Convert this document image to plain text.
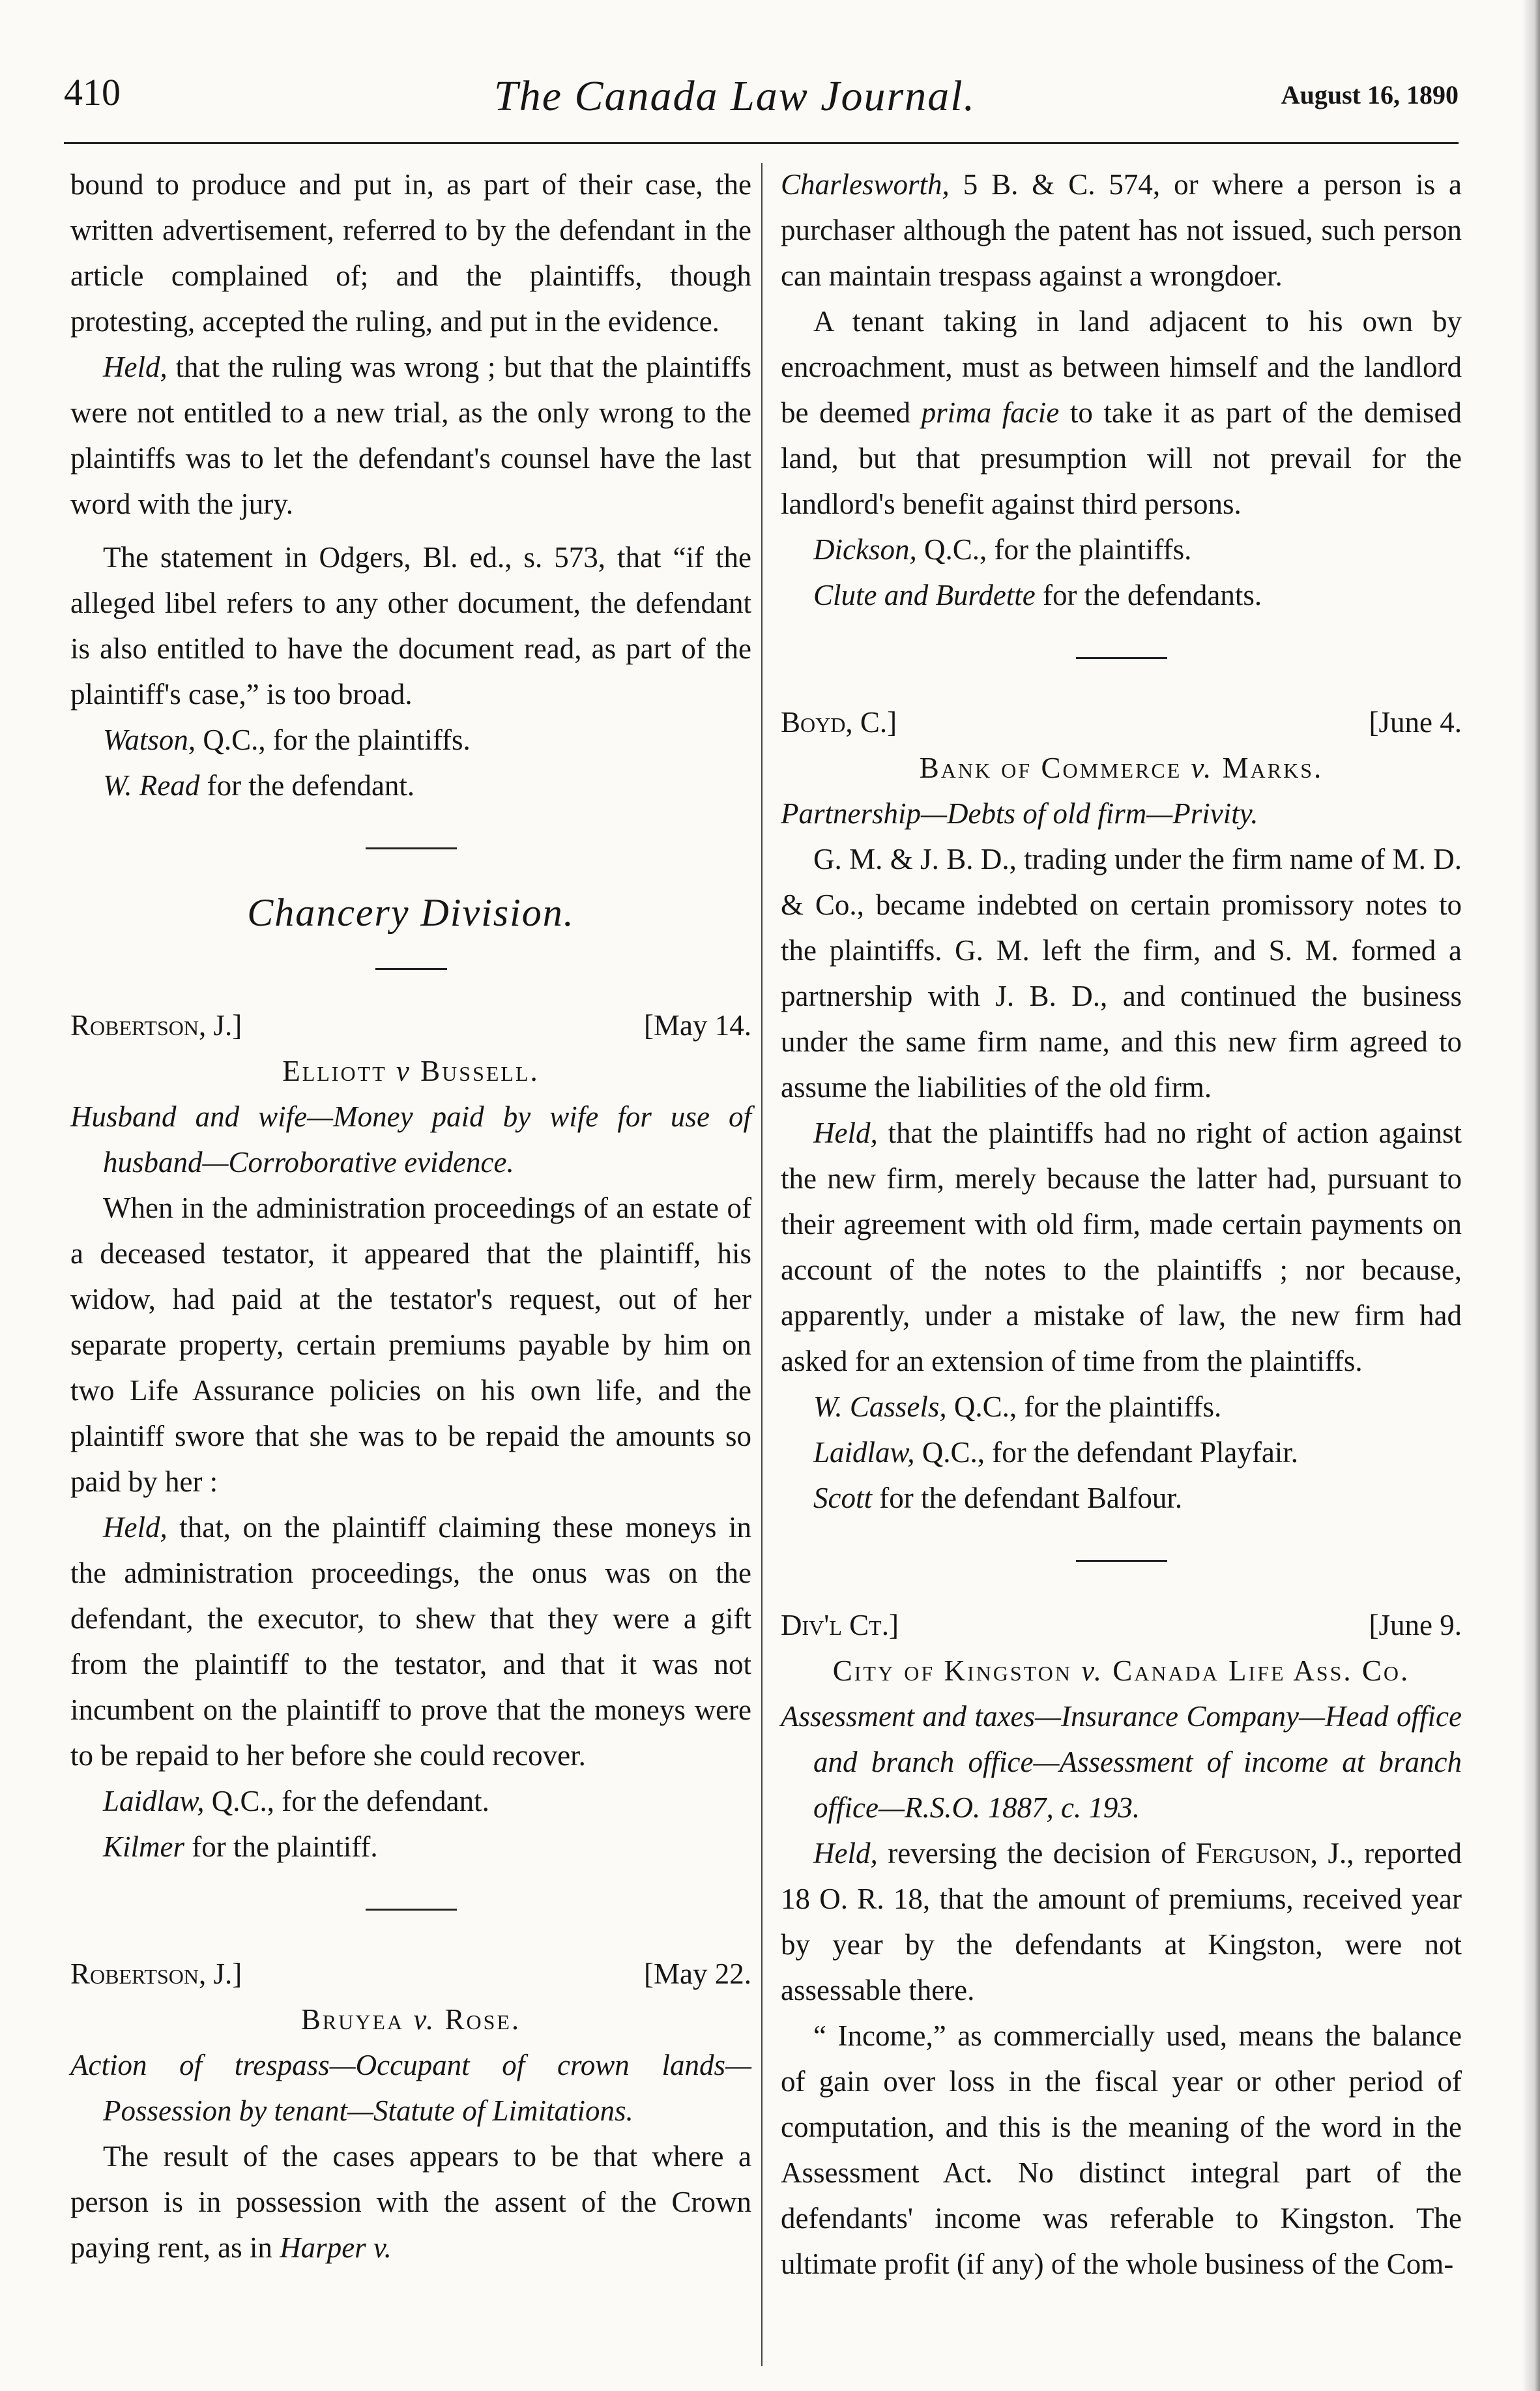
410	The Canada Law Journal.	August 16, 1890

bound to produce and put in, as part of their case, the written advertisement, referred to by the defendant in the article complained of; and the plaintiffs, though protesting, accepted the ruling, and put in the evidence.

Held, that the ruling was wrong ; but that the plaintiffs were not entitled to a new trial, as the only wrong to the plaintiffs was to let the defendant's counsel have the last word with the jury.

The statement in Odgers, Bl. ed., s. 573, that “if the alleged libel refers to any other document, the defendant is also entitled to have the document read, as part of the plaintiff's case,” is too broad.

Watson, Q.C., for the plaintiffs.

W. Read for the defendant.

Chancery Division.

Robertson, J.]	[May 14.

Elliott v Bussell.

Husband and wife—Money paid by wife for use of husband—Corroborative evidence.

When in the administration proceedings of an estate of a deceased testator, it appeared that the plaintiff, his widow, had paid at the testator's request, out of her separate property, certain premiums payable by him on two Life Assurance policies on his own life, and the plaintiff swore that she was to be repaid the amounts so paid by her :

Held, that, on the plaintiff claiming these moneys in the administration proceedings, the onus was on the defendant, the executor, to shew that they were a gift from the plaintiff to the testator, and that it was not incumbent on the plaintiff to prove that the moneys were to be repaid to her before she could recover.

Laidlaw, Q.C., for the defendant.

Kilmer for the plaintiff.

Robertson, J.]	[May 22.

Bruyea v. Rose.

Action of trespass—Occupant of crown lands—Possession by tenant—Statute of Limitations.

The result of the cases appears to be that where a person is in possession with the assent of the Crown paying rent, as in Harper v.

Charlesworth, 5 B. & C. 574, or where a person is a purchaser although the patent has not issued, such person can maintain trespass against a wrongdoer.

A tenant taking in land adjacent to his own by encroachment, must as between himself and the landlord be deemed prima facie to take it as part of the demised land, but that presumption will not prevail for the landlord's benefit against third persons.

Dickson, Q.C., for the plaintiffs.

Clute and Burdette for the defendants.

Boyd, C.]	[June 4.

Bank of Commerce v. Marks.

Partnership—Debts of old firm—Privity.

G. M. & J. B. D., trading under the firm name of M. D. & Co., became indebted on certain promissory notes to the plaintiffs. G. M. left the firm, and S. M. formed a partnership with J. B. D., and continued the business under the same firm name, and this new firm agreed to assume the liabilities of the old firm.

Held, that the plaintiffs had no right of action against the new firm, merely because the latter had, pursuant to their agreement with old firm, made certain payments on account of the notes to the plaintiffs ; nor because, apparently, under a mistake of law, the new firm had asked for an extension of time from the plaintiffs.

W. Cassels, Q.C., for the plaintiffs.

Laidlaw, Q.C., for the defendant Playfair.

Scott for the defendant Balfour.

Div'l Ct.]	[June 9.

City of Kingston v. Canada Life Ass. Co.

Assessment and taxes—Insurance Company—Head office and branch office—Assessment of income at branch office—R.S.O. 1887, c. 193.

Held, reversing the decision of Ferguson, J., reported 18 O. R. 18, that the amount of premiums, received year by year by the defendants at Kingston, were not assessable there.

“ Income,” as commercially used, means the balance of gain over loss in the fiscal year or other period of computation, and this is the meaning of the word in the Assessment Act. No distinct integral part of the defendants' income was referable to Kingston. The ultimate profit (if any) of the whole business of the Com-
